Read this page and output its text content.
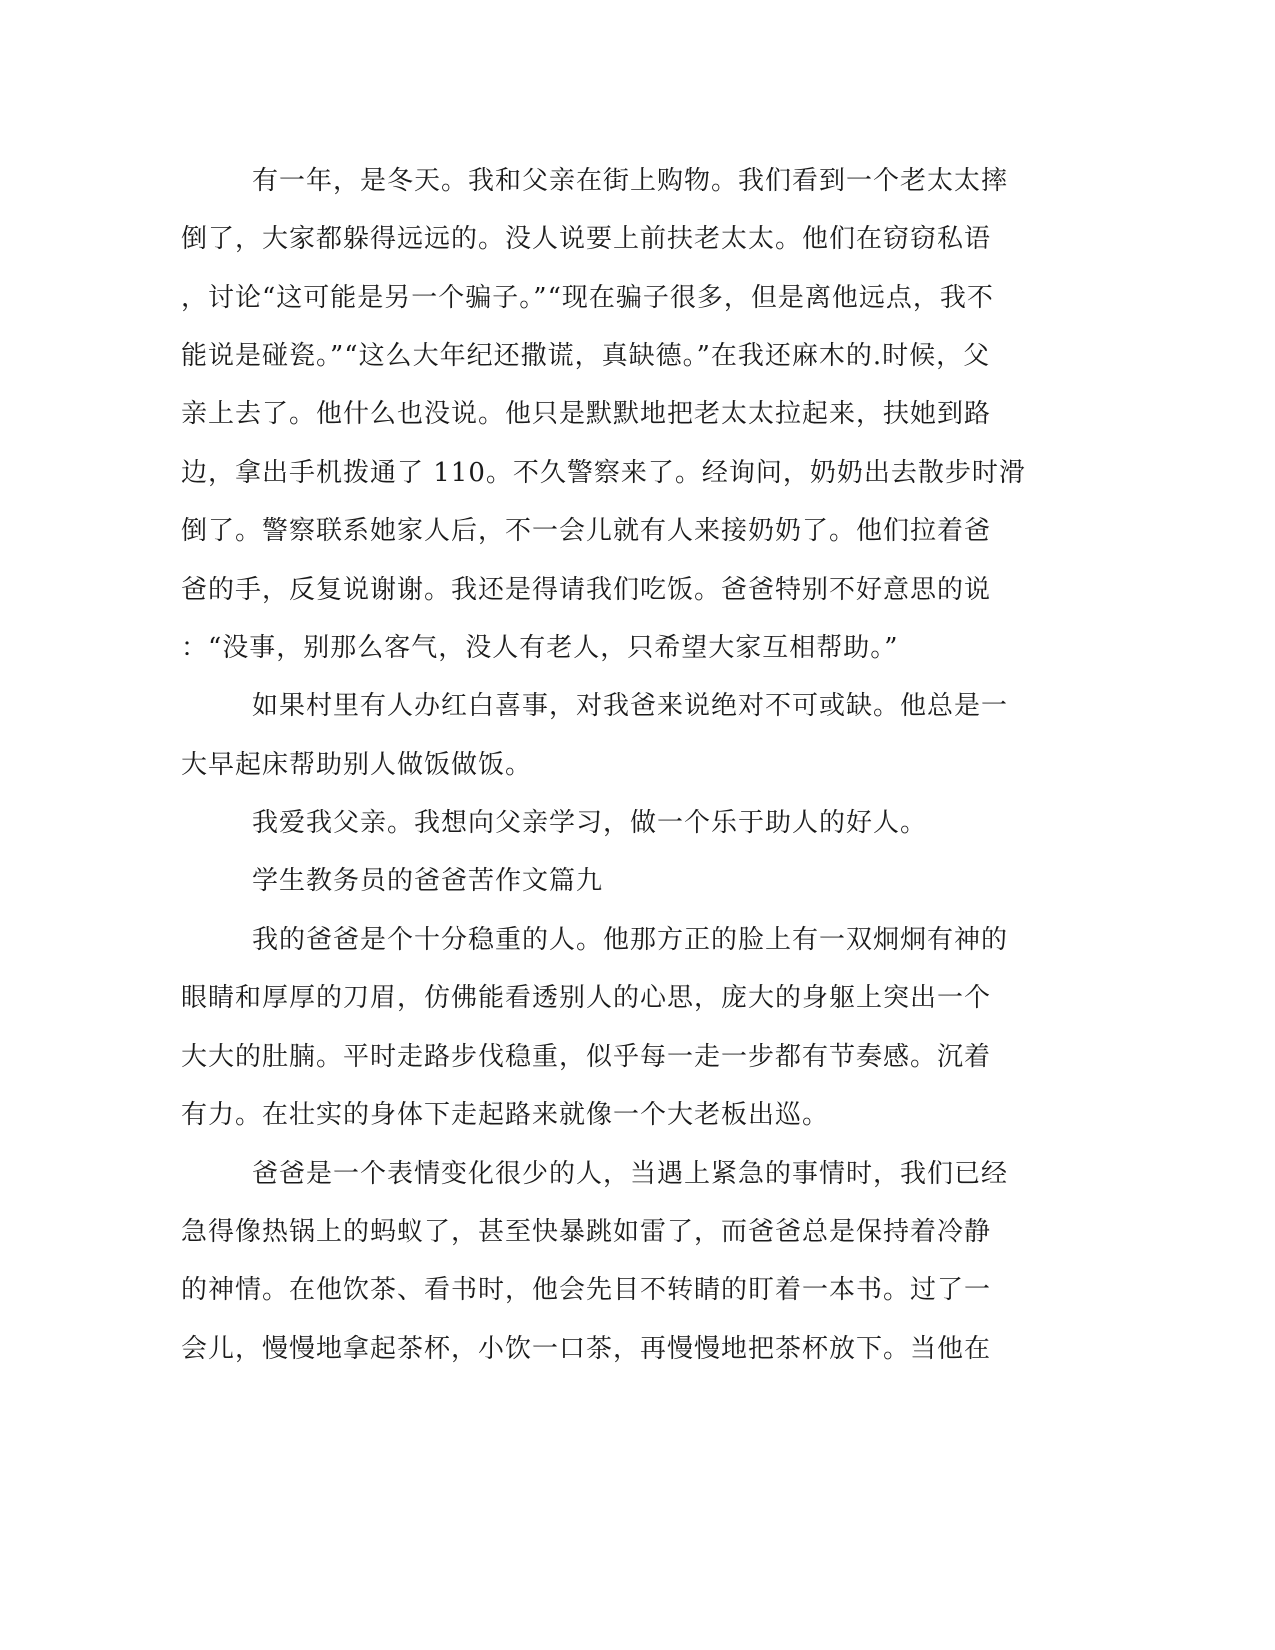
有一年，是冬天。我和父亲在街上购物。我们看到一个老太太摔

倒了，大家都躲得远远的。没人说要上前扶老太太。他们在窃窃私语

，讨论“这可能是另一个骗子。”“现在骗子很多，但是离他远点，我不

能说是碰瓷。”“这么大年纪还撒谎，真缺德。”在我还麻木的.时候，父

亲上去了。他什么也没说。他只是默默地把老太太拉起来，扶她到路

边，拿出手机拨通了 110。不久警察来了。经询问，奶奶出去散步时滑

倒了。警察联系她家人后，不一会儿就有人来接奶奶了。他们拉着爸

爸的手，反复说谢谢。我还是得请我们吃饭。爸爸特别不好意思的说

：“没事，别那么客气，没人有老人，只希望大家互相帮助。”

如果村里有人办红白喜事，对我爸来说绝对不可或缺。他总是一

大早起床帮助别人做饭做饭。

我爱我父亲。我想向父亲学习，做一个乐于助人的好人。

学生教务员的爸爸苦作文篇九

我的爸爸是个十分稳重的人。他那方正的脸上有一双炯炯有神的

眼睛和厚厚的刀眉，仿佛能看透别人的心思，庞大的身躯上突出一个

大大的肚腩。平时走路步伐稳重，似乎每一走一步都有节奏感。沉着

有力。在壮实的身体下走起路来就像一个大老板出巡。

爸爸是一个表情变化很少的人，当遇上紧急的事情时，我们已经

急得像热锅上的蚂蚁了，甚至快暴跳如雷了，而爸爸总是保持着冷静

的神情。在他饮茶、看书时，他会先目不转睛的盯着一本书。过了一

会儿，慢慢地拿起茶杯，小饮一口茶，再慢慢地把茶杯放下。当他在
